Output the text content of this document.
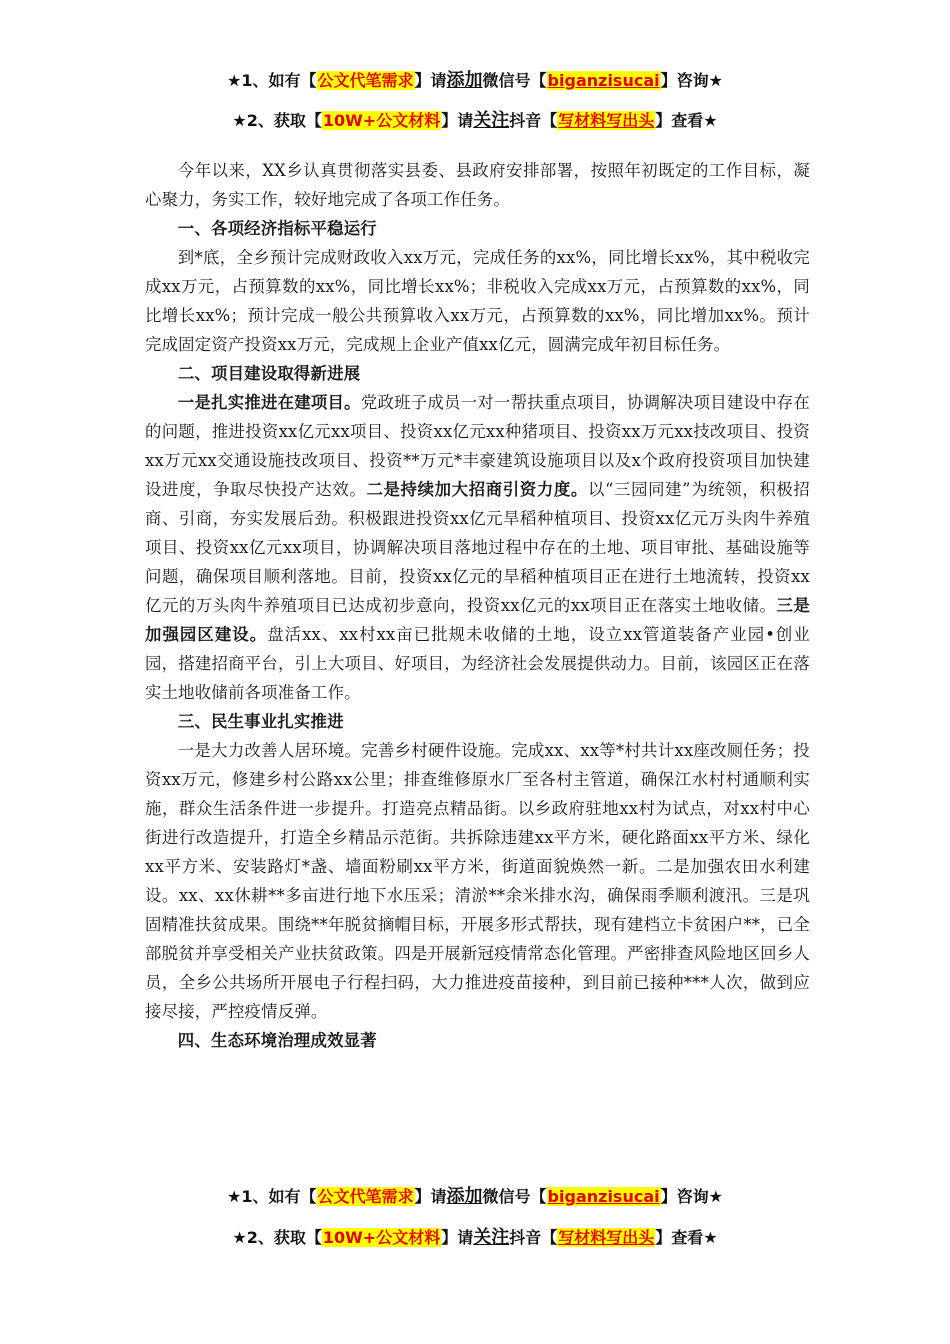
★1、如有【公文代笔需求】请添加微信号【biganzisucai】咨询★
★2、获取【10W+公文材料】请关注抖音【写材料写出头】查看★

今年以来，XX乡认真贯彻落实县委、县政府安排部署，按照年初既定的工作目标，凝心聚力，务实工作，较好地完成了各项工作任务。

一、各项经济指标平稳运行

到*底，全乡预计完成财政收入xx万元，完成任务的xx%，同比增长xx%，其中税收完成xx万元，占预算数的xx%，同比增长xx%；非税收入完成xx万元，占预算数的xx%，同比增长xx%；预计完成一般公共预算收入xx万元，占预算数的xx%，同比增加xx%。预计完成固定资产投资xx万元，完成规上企业产值xx亿元，圆满完成年初目标任务。

二、项目建设取得新进展

一是扎实推进在建项目。党政班子成员一对一帮扶重点项目，协调解决项目建设中存在的问题，推进投资xx亿元xx项目、投资xx亿元xx种猪项目、投资xx万元xx技改项目、投资xx万元xx交通设施技改项目、投资**万元*丰豪建筑设施项目以及x个政府投资项目加快建设进度，争取尽快投产达效。二是持续加大招商引资力度。以“三园同建”为统领，积极招商、引商，夯实发展后劲。积极跟进投资xx亿元旱稻种植项目、投资xx亿元万头肉牛养殖项目、投资xx亿元xx项目，协调解决项目落地过程中存在的土地、项目审批、基础设施等问题，确保项目顺利落地。目前，投资xx亿元的旱稻种植项目正在进行土地流转，投资xx亿元的万头肉牛养殖项目已达成初步意向，投资xx亿元的xx项目正在落实土地收储。三是加强园区建设。盘活xx、xx村xx亩已批规未收储的土地，设立xx管道装备产业园•创业园，搭建招商平台，引上大项目、好项目，为经济社会发展提供动力。目前，该园区正在落实土地收储前各项准备工作。

三、民生事业扎实推进

一是大力改善人居环境。完善乡村硬件设施。完成xx、xx等*村共计xx座改厕任务；投资xx万元，修建乡村公路xx公里；排查维修原水厂至各村主管道，确保江水村村通顺利实施，群众生活条件进一步提升。打造亮点精品街。以乡政府驻地xx村为试点，对xx村中心街进行改造提升，打造全乡精品示范街。共拆除违建xx平方米，硬化路面xx平方米、绿化xx平方米、安装路灯*盏、墙面粉刷xx平方米，街道面貌焕然一新。二是加强农田水利建设。xx、xx休耕**多亩进行地下水压采；清淤**余米排水沟，确保雨季顺利渡汛。三是巩固精准扶贫成果。围绕**年脱贫摘帽目标，开展多形式帮扶，现有建档立卡贫困户**，已全部脱贫并享受相关产业扶贫政策。四是开展新冠疫情常态化管理。严密排查风险地区回乡人员，全乡公共场所开展电子行程扫码，大力推进疫苗接种，到目前已接种***人次，做到应接尽接，严控疫情反弹。

四、生态环境治理成效显著

★1、如有【公文代笔需求】请添加微信号【biganzisucai】咨询★
★2、获取【10W+公文材料】请关注抖音【写材料写出头】查看★
